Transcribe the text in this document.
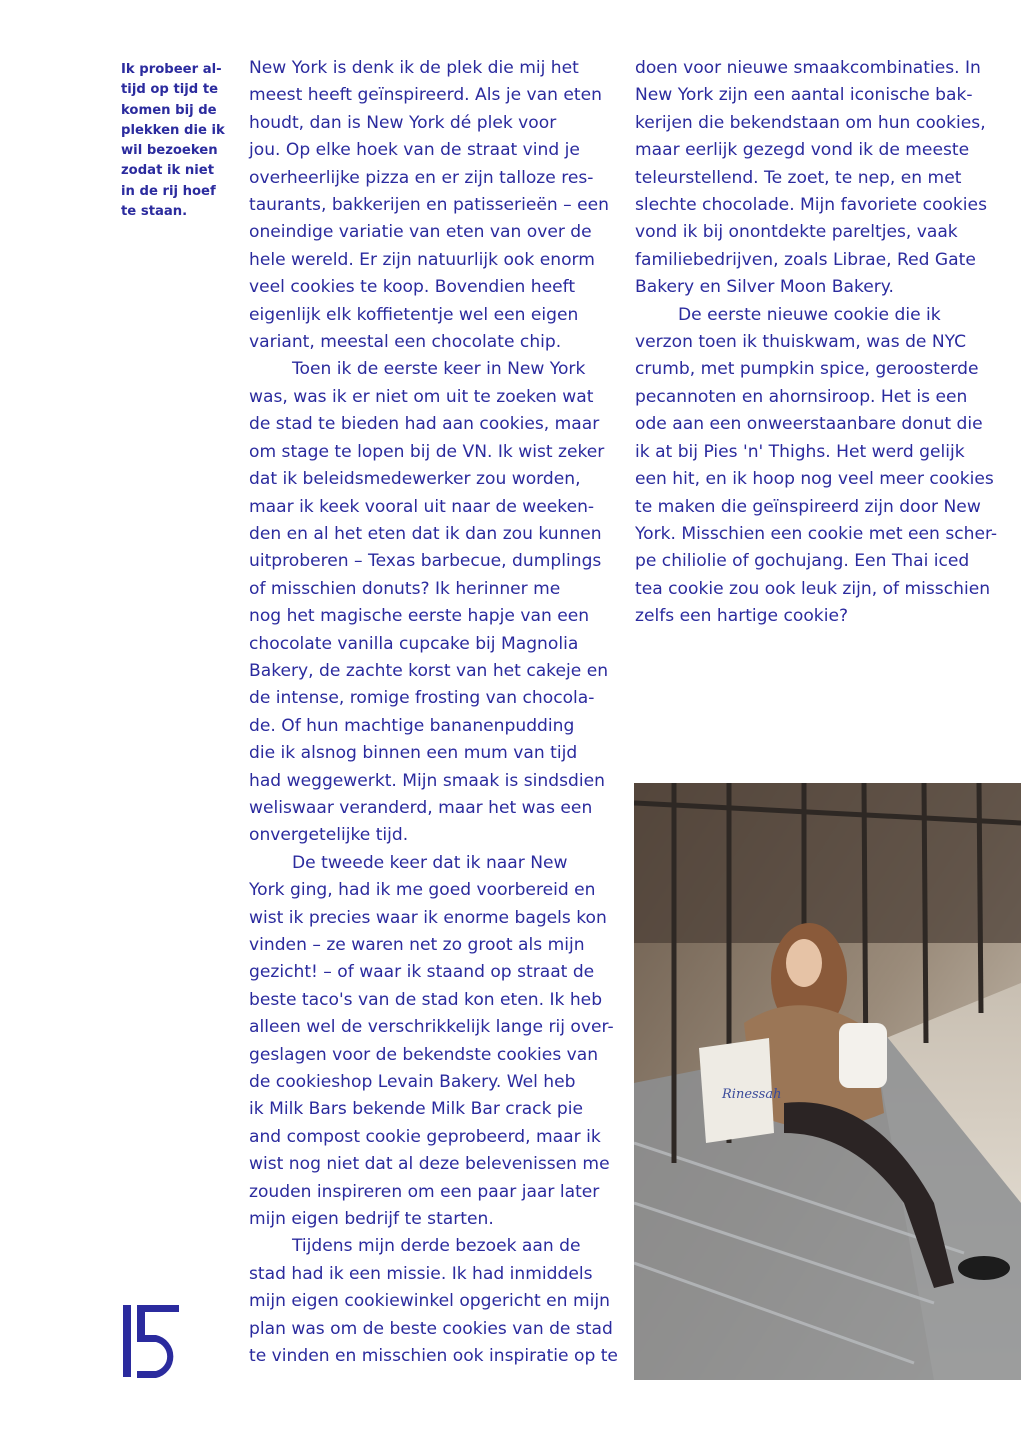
Ik probeer al-
tijd op tijd te
komen bij de
plekken die ik
wil bezoeken
zodat ik niet
in de rij hoef
te staan.
New York is denk ik de plek die mij het
meest heeft geïnspireerd. Als je van eten
houdt, dan is New York dé plek voor
jou. Op elke hoek van de straat vind je
overheerlijke pizza en er zijn talloze res-
taurants, bakkerijen en patisserieën – een
oneindige variatie van eten van over de
hele wereld. Er zijn natuurlijk ook enorm
veel cookies te koop. Bovendien heeft
eigenlijk elk koffietentje wel een eigen
variant, meestal een chocolate chip.
Toen ik de eerste keer in New York
was, was ik er niet om uit te zoeken wat
de stad te bieden had aan cookies, maar
om stage te lopen bij de VN. Ik wist zeker
dat ik beleidsmedewerker zou worden,
maar ik keek vooral uit naar de weeken-
den en al het eten dat ik dan zou kunnen
uitproberen – Texas barbecue, dumplings
of misschien donuts? Ik herinner me
nog het magische eerste hapje van een
chocolate vanilla cupcake bij Magnolia
Bakery, de zachte korst van het cakeje en
de intense, romige frosting van chocola-
de. Of hun machtige bananenpudding
die ik alsnog binnen een mum van tijd
had weggewerkt. Mijn smaak is sindsdien
weliswaar veranderd, maar het was een
onvergetelijke tijd.
De tweede keer dat ik naar New
York ging, had ik me goed voorbereid en
wist ik precies waar ik enorme bagels kon
vinden – ze waren net zo groot als mijn
gezicht! – of waar ik staand op straat de
beste taco's van de stad kon eten. Ik heb
alleen wel de verschrikkelijk lange rij over-
geslagen voor de bekendste cookies van
de cookieshop Levain Bakery. Wel heb
ik Milk Bars bekende Milk Bar crack pie
and compost cookie geprobeerd, maar ik
wist nog niet dat al deze belevenissen me
zouden inspireren om een paar jaar later
mijn eigen bedrijf te starten.
Tijdens mijn derde bezoek aan de
stad had ik een missie. Ik had inmiddels
mijn eigen cookiewinkel opgericht en mijn
plan was om de beste cookies van de stad
te vinden en misschien ook inspiratie op te
doen voor nieuwe smaakcombinaties. In
New York zijn een aantal iconische bak-
kerijen die bekendstaan om hun cookies,
maar eerlijk gezegd vond ik de meeste
teleurstellend. Te zoet, te nep, en met
slechte chocolade. Mijn favoriete cookies
vond ik bij onontdekte pareltjes, vaak
familiebedrijven, zoals Librae, Red Gate
Bakery en Silver Moon Bakery.
De eerste nieuwe cookie die ik
verzon toen ik thuiskwam, was de NYC
crumb, met pumpkin spice, geroosterde
pecannoten en ahornsiroop. Het is een
ode aan een onweerstaanbare donut die
ik at bij Pies 'n' Thighs. Het werd gelijk
een hit, en ik hoop nog veel meer cookies
te maken die geïnspireerd zijn door New
York. Misschien een cookie met een scher-
pe chiliolie of gochujang. Een Thai iced
tea cookie zou ook leuk zijn, of misschien
zelfs een hartige cookie?
Rinessah
